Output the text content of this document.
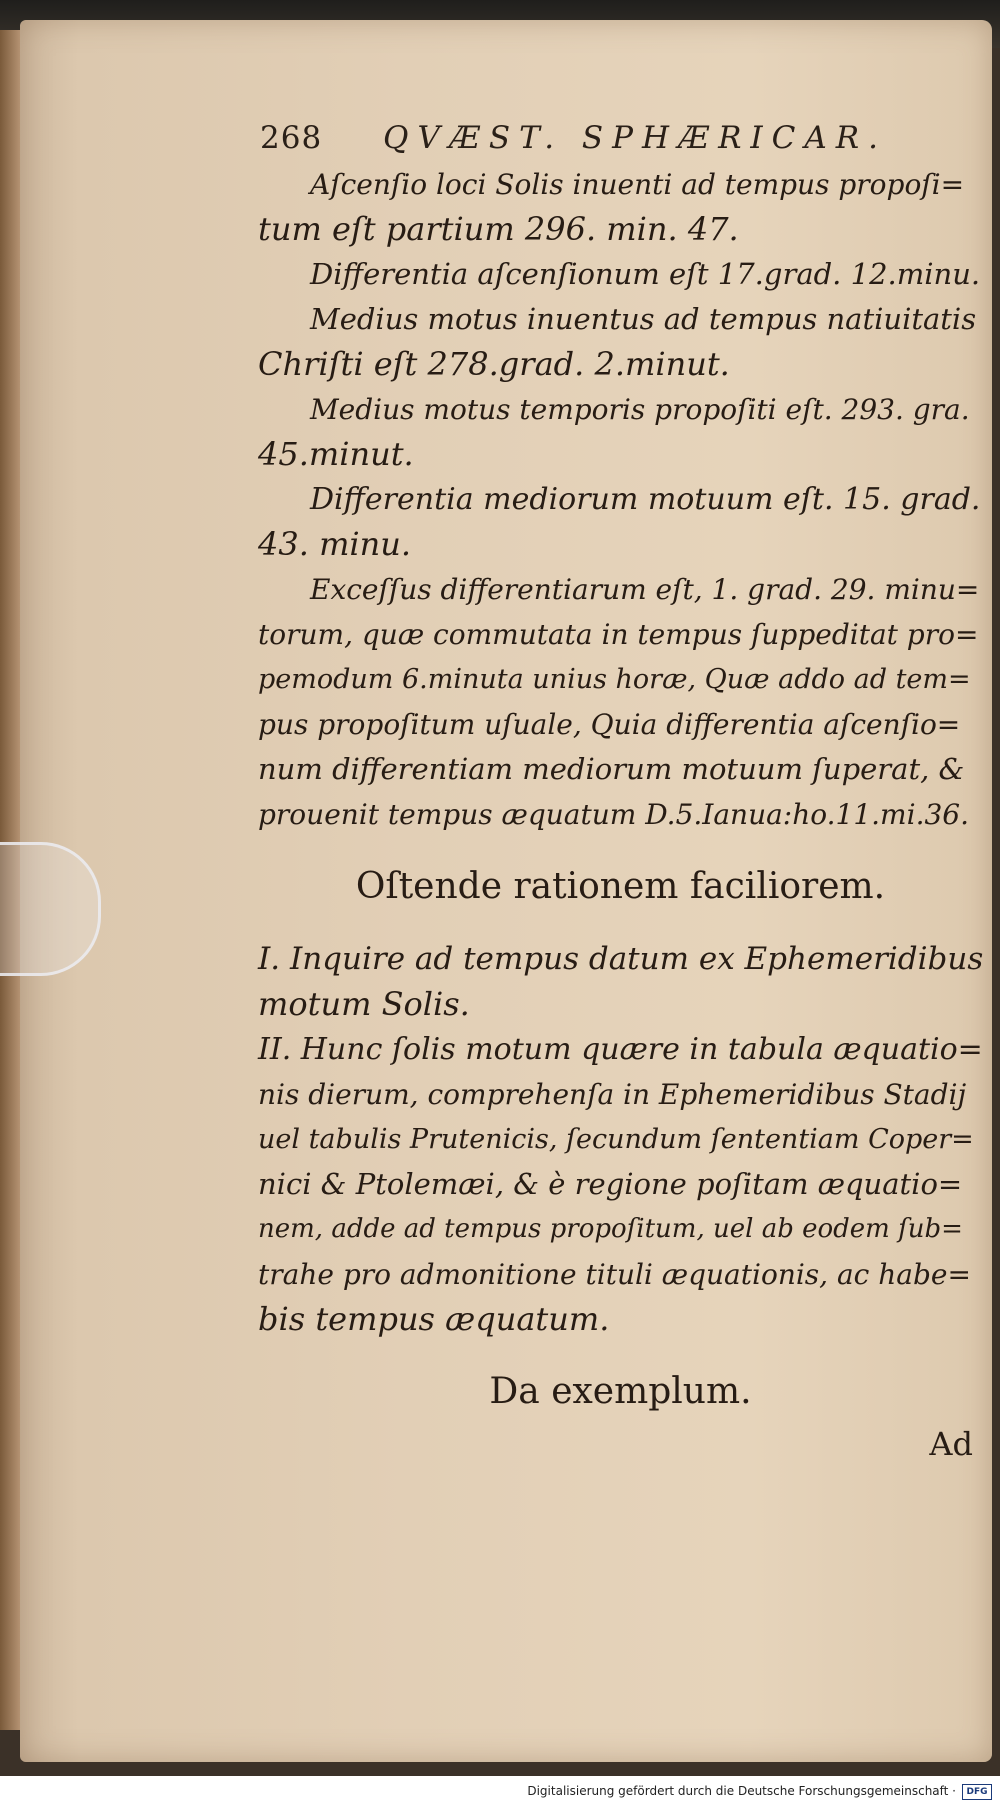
268 QVÆST. SPHÆRICAR.
Aſcenſio loci Solis inuenti ad tempus propoſi=
tum eſt partium 296. min. 47.
Differentia aſcenſionum eſt 17.grad. 12.minu.
Medius motus inuentus ad tempus natiuitatis
Chriſti eſt 278.grad. 2.minut.
Medius motus temporis propoſiti eſt. 293. gra.
45.minut.
Differentia mediorum motuum eſt. 15. grad.
43. minu.
Exceſſus differentiarum eſt, 1. grad. 29. minu=
torum, quæ commutata in tempus ſuppeditat pro=
pemodum 6.minuta unius horæ, Quæ addo ad tem=
pus propoſitum uſuale, Quia differentia aſcenſio=
num differentiam mediorum motuum ſuperat, &
prouenit tempus æquatum D.5.Ianua:ho.11.mi.36.
Oſtende rationem faciliorem.
I. Inquire ad tempus datum ex Ephemeridibus
motum Solis.
II. Hunc ſolis motum quære in tabula æquatio=
nis dierum, comprehenſa in Ephemeridibus Stadij
uel tabulis Prutenicis, ſecundum ſententiam Coper=
nici & Ptolemæi, & è regione poſitam æquatio=
nem, adde ad tempus propoſitum, uel ab eodem ſub=
trahe pro admonitione tituli æquationis, ac habe=
bis tempus æquatum.
Da exemplum.
Ad
Digitalisierung gefördert durch die Deutsche Forschungsgemeinschaft · DFG
